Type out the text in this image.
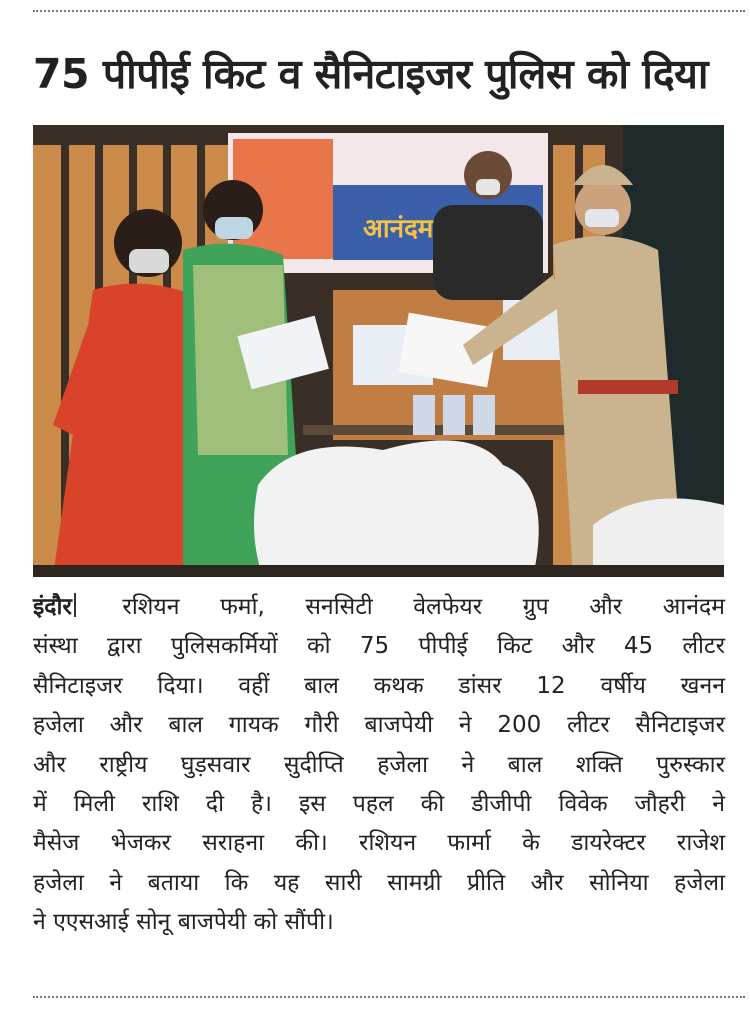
75 पीपीई किट व सैनिटाइजर पुलिस को दिया
आनंदम
इंदौर रशियन फर्मा, सनसिटी वेलफेयर ग्रुप और आनंदम
संस्था द्वारा पुलिसकर्मियों को 75 पीपीई किट और 45 लीटर
सैनिटाइजर दिया। वहीं बाल कथक डांसर 12 वर्षीय खनन
हजेला और बाल गायक गौरी बाजपेयी ने 200 लीटर सैनिटाइजर
और राष्ट्रीय घुड़सवार सुदीप्ति हजेला ने बाल शक्ति पुरुस्कार
में मिली राशि दी है। इस पहल की डीजीपी विवेक जौहरी ने
मैसेज भेजकर सराहना की। रशियन फार्मा के डायरेक्टर राजेश
हजेला ने बताया कि यह सारी सामग्री प्रीति और सोनिया हजेला
ने एएसआई सोनू बाजपेयी को सौंपी।
